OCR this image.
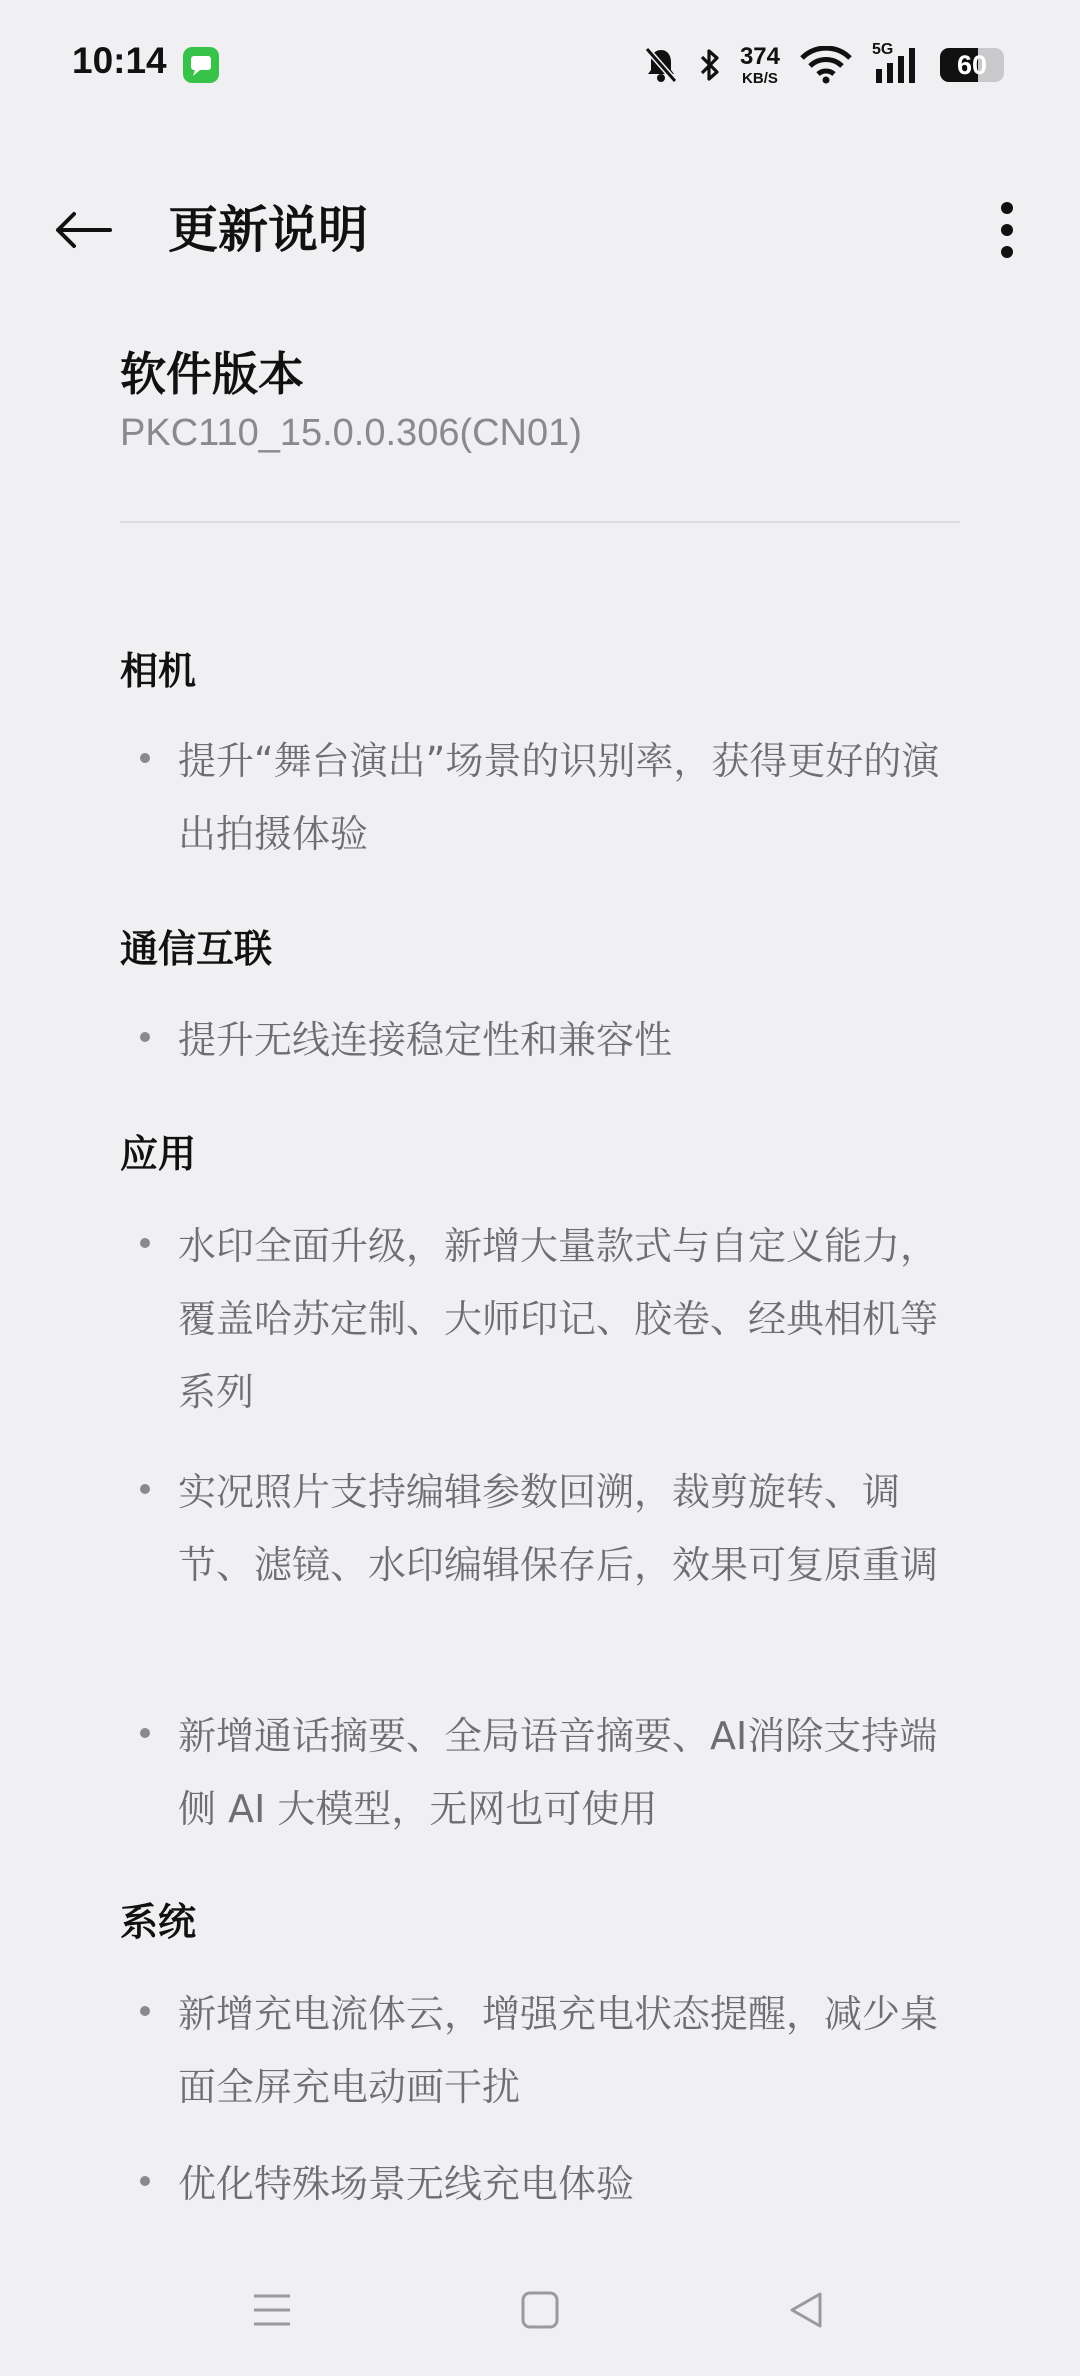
10:14	374
KB/S
5G
60
更新说明
软件版本
PKC110_15.0.0.306(CN01)
相机
提升“舞台演出”场景的识别率，获得更好的演出拍摄体验
通信互联
提升无线连接稳定性和兼容性
应用
水印全面升级，新增大量款式与自定义能力，覆盖哈苏定制、大师印记、胶卷、经典相机等系列
实况照片支持编辑参数回溯，裁剪旋转、调节、滤镜、水印编辑保存后，效果可复原重调
新增通话摘要、全局语音摘要、AI消除支持端侧 AI 大模型，无网也可使用
系统
新增充电流体云，增强充电状态提醒，减少桌面全屏充电动画干扰
优化特殊场景无线充电体验
